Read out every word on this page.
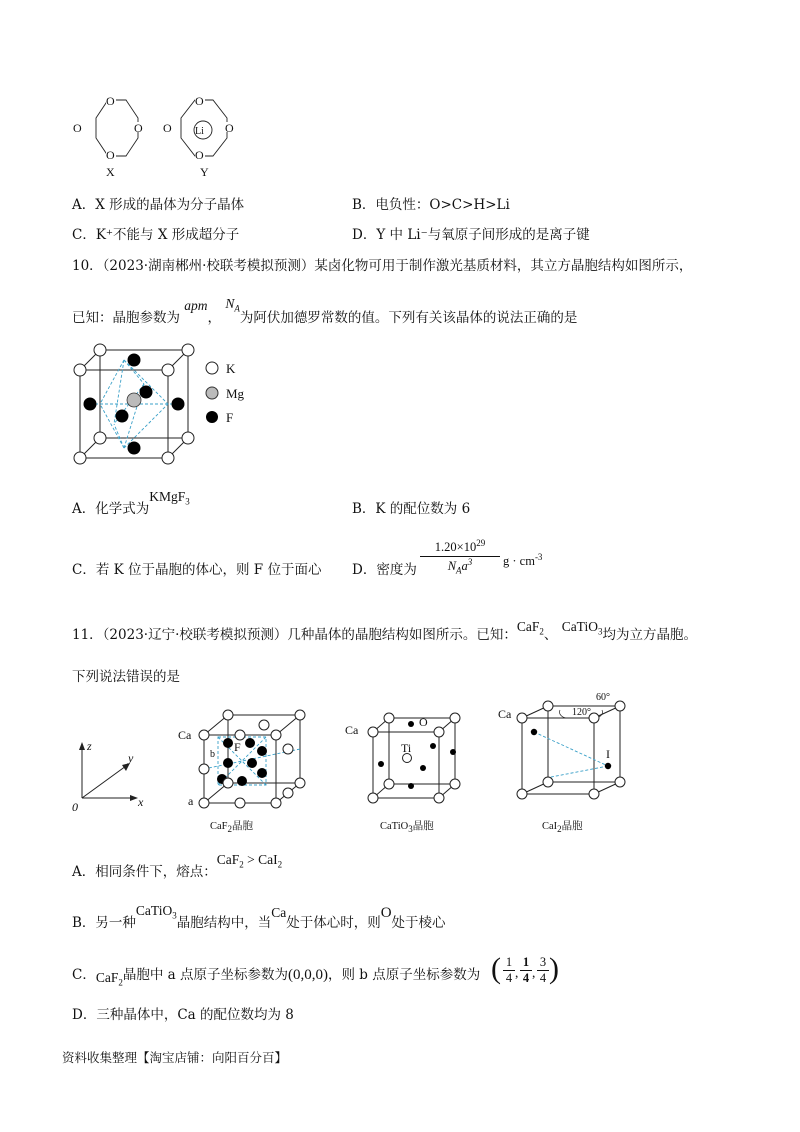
O
O	O
O
X
O
O	O
O
Li
Y
A．X 形成的晶体为分子晶体	B．电负性：O>C>H>Li
C．K⁺不能与 X 形成超分子	D．Y 中 Li⁻与氧原子间形成的是离子键
10．（2023·湖南郴州·校联考模拟预测）某卤化物可用于制作激光基质材料，其立方晶胞结构如图所示，
已知：晶胞参数为 apm， $N_A$为阿伏加德罗常数的值。下列有关该晶体的说法正确的是
K
Mg
F
A．化学式为KMgF$_3$	B．K 的配位数为 6
C．若 K 位于晶胞的体心，则 F 位于面心 D．密度为
$1.20\times 10^{29}$
$N_Aa^3$	$g \cdot cm^{-3}$
11．（2023·辽宁·校联考模拟预测）几种晶体的晶胞结构如图所示。已知：CaF$_2$、 CaTiO$_3$均为立方晶胞。
下列说法错误的是
z
y
x
0
Ca
b
F
a
CaF$_2$晶胞
Ca
O
Ti
CaTiO$_3$晶胞
Ca
60°
120°
I
CaI$_2$晶胞
A．相同条件下，熔点：CaF$_2$ > CaI$_2$
B．另一种CaTiO$_3$晶胞结构中，当Ca处于体心时，则O处于棱心
C．CaF$_2$晶胞中 a 点原子坐标参数为(0,0,0)，则 b 点原子坐标参数为 ( $\frac{1}{4}$ , $\frac{1}{4}$ , $\frac{3}{4}$ )
D．三种晶体中，Ca 的配位数均为 8
资料收集整理【淘宝店铺：向阳百分百】
